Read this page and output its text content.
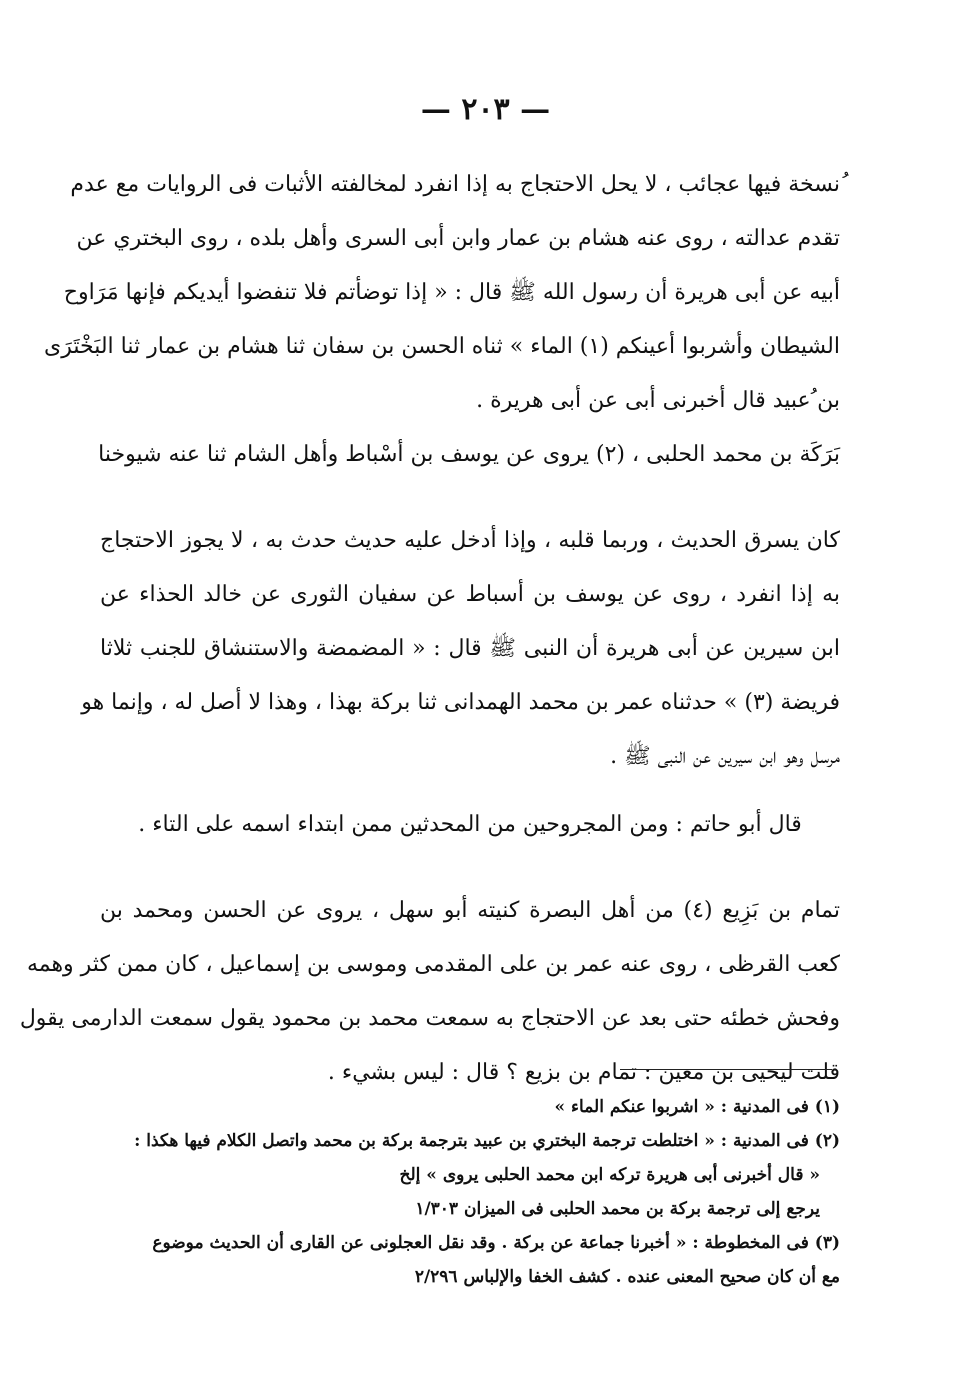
— ٢٠٣ —
ُنسخة فيها عجائب ، لا يحل الاحتجاج به إذا انفرد لمخالفته الأثبات فى الروايات مع عدم
تقدم عدالته ، روى عنه هشام بن عمار وابن أبى السرى وأهل بلده ، روى البختري عن
أبيه عن أبى هريرة أن رسول الله ﷺ قال : « إذا توضأتم فلا تنفضوا أيديكم فإنها مَرَاوح
الشيطان وأشربوا أعينكم (١) الماء » ثناه الحسن بن سفان ثنا هشام بن عمار ثنا البَخْتَرَى
بن ُعبيد قال أخبرنى أبى عن أبى هريرة .
بَرَكَة بن محمد الحلبى ، (٢) يروى عن يوسف بن أسْباط وأهل الشام ثنا عنه شيوخنا
كان يسرق الحديث ، وربما قلبه ، وإذا أدخل عليه حديث حدث به ، لا يجوز الاحتجاج
به إذا انفرد ، روى عن يوسف بن أسباط عن سفيان الثورى عن خالد الحذاء عن
ابن سيرين عن أبى هريرة أن النبى ﷺ قال : « المضمضة والاستنشاق للجنب ثلاثا
فريضة (٣) » حدثناه عمر بن محمد الهمدانى ثنا بركة بهذا ، وهذا لا أصل له ، وإنما هو
مرسل وهو ابن سيرين عن النبى ﷺ .
قال أبو حاتم : ومن المجروحين من المحدثين ممن ابتداء اسمه على التاء .
تمام بن بَزِيع (٤) من أهل البصرة كنيته أبو سهل ، يروى عن الحسن ومحمد بن
كعب القرظى ، روى عنه عمر بن على المقدمى وموسى بن إسماعيل ، كان ممن كثر وهمه
وفحش خطئه حتى بعد عن الاحتجاج به سمعت محمد بن محمود يقول سمعت الدارمى يقول
قلت ليحيى بن معين : تمام بن بزيع ؟ قال : ليس بشيء .
(١) فى المدنية : « اشربوا عنكم الماء »
(٢) فى المدنية : « اختلطت ترجمة البختري بن عبيد بترجمة بركة بن محمد واتصل الكلام فيها هكذا :
« قال أخبرنى أبى هريرة تركه ابن محمد الحلبى يروى » إلخ
يرجع إلى ترجمة بركة بن محمد الحلبى فى الميزان ١/٣٠٣
(٣) فى المخطوطة : « أخبرنا جماعة عن بركة . وقد نقل العجلونى عن القارى أن الحديث موضوع
مع أن كان صحيح المعنى عنده . كشف الخفا والإلباس ٢/٢٩٦
